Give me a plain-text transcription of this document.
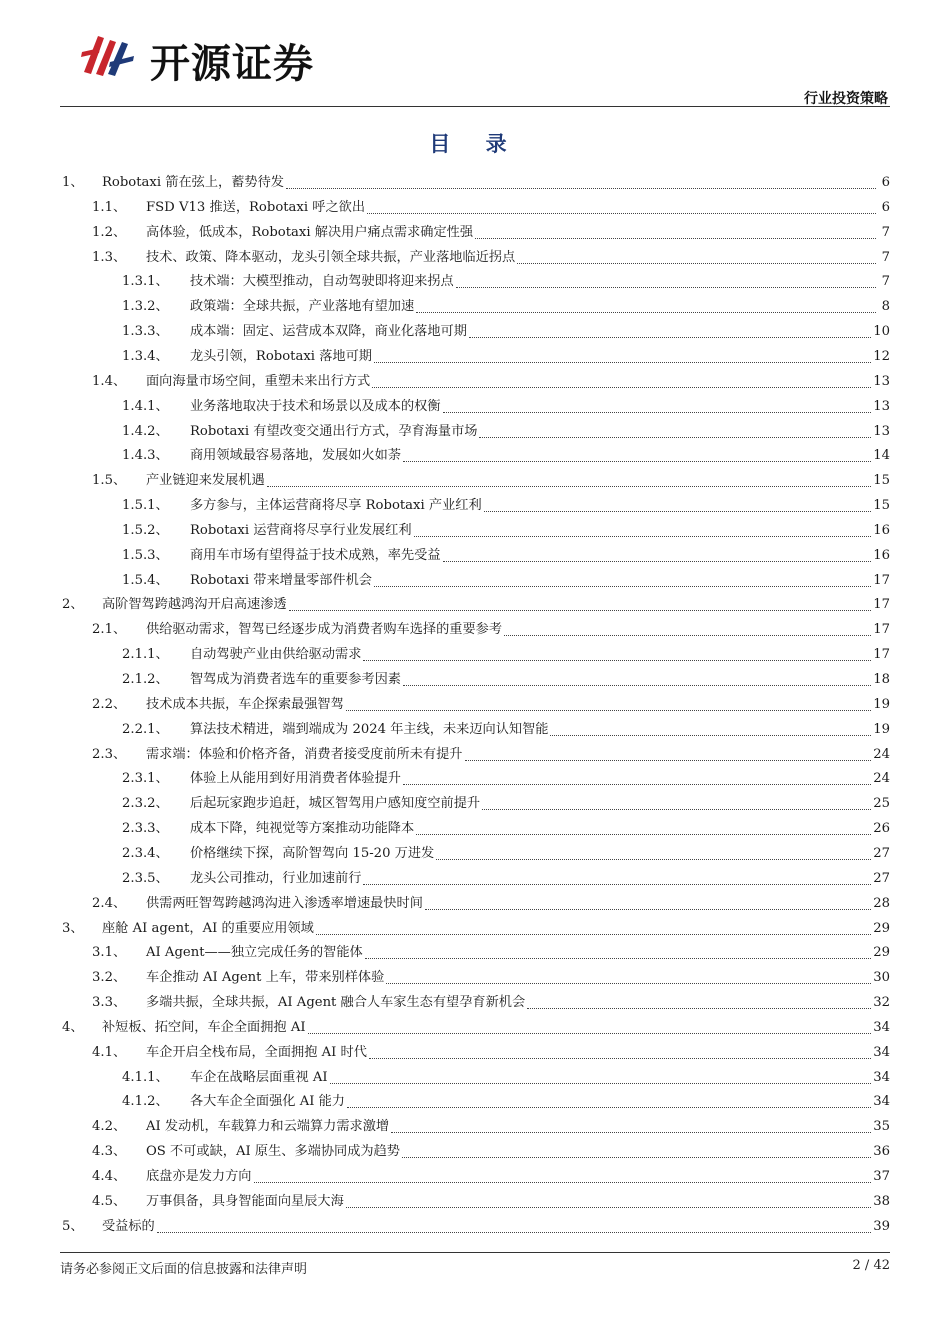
开源证券
行业投资策略
目 录
1、	Robotaxi 箭在弦上，蓄势待发	6
1.1、	FSD V13 推送，Robotaxi 呼之欲出	6
1.2、	高体验，低成本，Robotaxi 解决用户痛点需求确定性强	7
1.3、	技术、政策、降本驱动，龙头引领全球共振，产业落地临近拐点	7
1.3.1、	技术端：大模型推动，自动驾驶即将迎来拐点	7
1.3.2、	政策端：全球共振，产业落地有望加速	8
1.3.3、	成本端：固定、运营成本双降，商业化落地可期	10
1.3.4、	龙头引领，Robotaxi 落地可期	12
1.4、	面向海量市场空间，重塑未来出行方式	13
1.4.1、	业务落地取决于技术和场景以及成本的权衡	13
1.4.2、	Robotaxi 有望改变交通出行方式，孕育海量市场	13
1.4.3、	商用领域最容易落地，发展如火如荼	14
1.5、	产业链迎来发展机遇	15
1.5.1、	多方参与，主体运营商将尽享 Robotaxi 产业红利	15
1.5.2、	Robotaxi 运营商将尽享行业发展红利	16
1.5.3、	商用车市场有望得益于技术成熟，率先受益	16
1.5.4、	Robotaxi 带来增量零部件机会	17
2、	高阶智驾跨越鸿沟开启高速渗透	17
2.1、	供给驱动需求，智驾已经逐步成为消费者购车选择的重要参考	17
2.1.1、	自动驾驶产业由供给驱动需求	17
2.1.2、	智驾成为消费者选车的重要参考因素	18
2.2、	技术成本共振，车企探索最强智驾	19
2.2.1、	算法技术精进，端到端成为 2024 年主线，未来迈向认知智能	19
2.3、	需求端：体验和价格齐备，消费者接受度前所未有提升	24
2.3.1、	体验上从能用到好用消费者体验提升	24
2.3.2、	后起玩家跑步追赶，城区智驾用户感知度空前提升	25
2.3.3、	成本下降，纯视觉等方案推动功能降本	26
2.3.4、	价格继续下探，高阶智驾向 15-20 万进发	27
2.3.5、	龙头公司推动，行业加速前行	27
2.4、	供需两旺智驾跨越鸿沟进入渗透率增速最快时间	28
3、	座舱 AI agent，AI 的重要应用领域	29
3.1、	AI Agent——独立完成任务的智能体	29
3.2、	车企推动 AI Agent 上车，带来别样体验	30
3.3、	多端共振，全球共振，AI Agent 融合人车家生态有望孕育新机会	32
4、	补短板、拓空间，车企全面拥抱 AI	34
4.1、	车企开启全栈布局，全面拥抱 AI 时代	34
4.1.1、	车企在战略层面重视 AI	34
4.1.2、	各大车企全面强化 AI 能力	34
4.2、	AI 发动机，车载算力和云端算力需求激增	35
4.3、	OS 不可或缺，AI 原生、多端协同成为趋势	36
4.4、	底盘亦是发力方向	37
4.5、	万事俱备，具身智能面向星辰大海	38
5、	受益标的	39
请务必参阅正文后面的信息披露和法律声明	2 / 42
